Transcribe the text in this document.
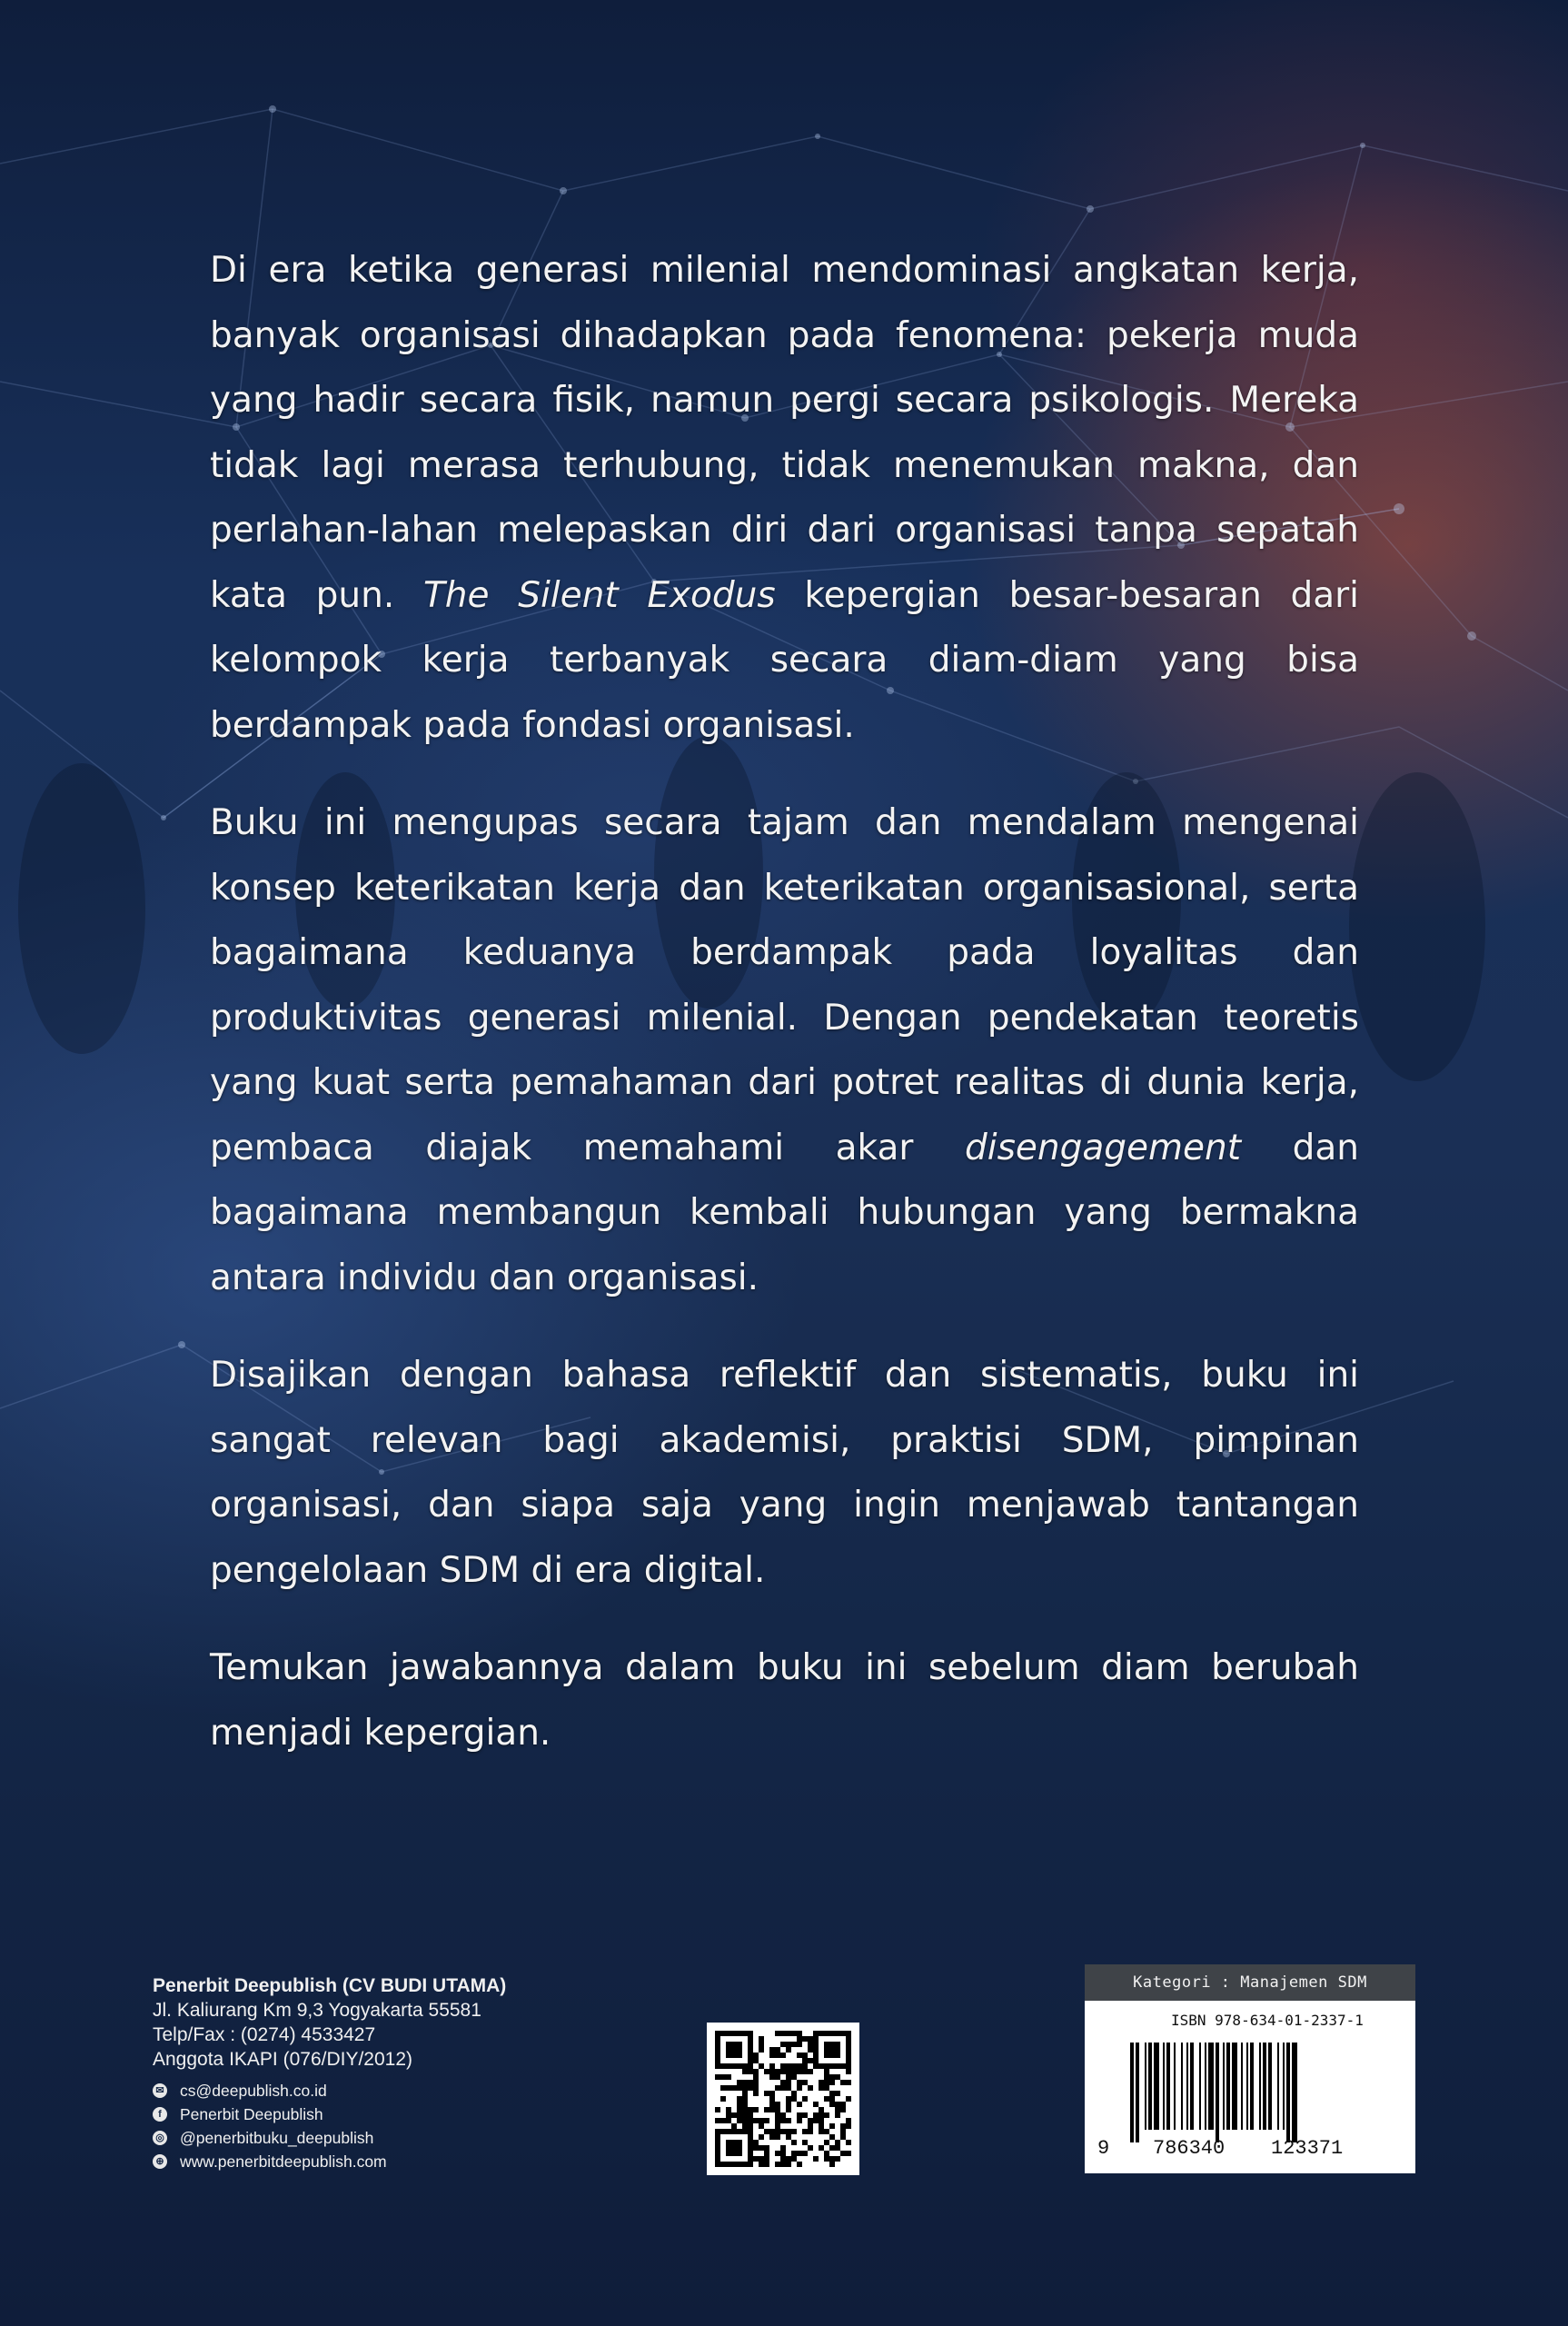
Di era ketika generasi milenial mendominasi angkatan kerja, banyak organisasi dihadapkan pada fenomena: pekerja muda yang hadir secara fisik, namun pergi secara psikologis. Mereka tidak lagi merasa terhubung, tidak menemukan makna, dan perlahan-lahan melepaskan diri dari organisasi tanpa sepatah kata pun. The Silent Exodus kepergian besar-besaran dari kelompok kerja terbanyak secara diam-diam yang bisa berdampak pada fondasi organisasi.

Buku ini mengupas secara tajam dan mendalam mengenai konsep keterikatan kerja dan keterikatan organisasional, serta bagaimana keduanya berdampak pada loyalitas dan produktivitas generasi milenial. Dengan pendekatan teoretis yang kuat serta pemahaman dari potret realitas di dunia kerja, pembaca diajak memahami akar disengagement dan bagaimana membangun kembali hubungan yang bermakna antara individu dan organisasi.

Disajikan dengan bahasa reflektif dan sistematis, buku ini sangat relevan bagi akademisi, praktisi SDM, pimpinan organisasi, dan siapa saja yang ingin menjawab tantangan pengelolaan SDM di era digital.

Temukan jawabannya dalam buku ini sebelum diam berubah menjadi kepergian.

Penerbit Deepublish (CV BUDI UTAMA)
Jl. Kaliurang Km 9,3 Yogyakarta 55581
Telp/Fax : (0274) 4533427
Anggota IKAPI (076/DIY/2012)
✉ cs@deepublish.co.id
f	Penerbit Deepublish
◎ @penerbitbuku_deepublish
⊕ www.penerbitdeepublish.com
Kategori : Manajemen SDM
ISBN 978-634-01-2337-1
9 786340 123371
